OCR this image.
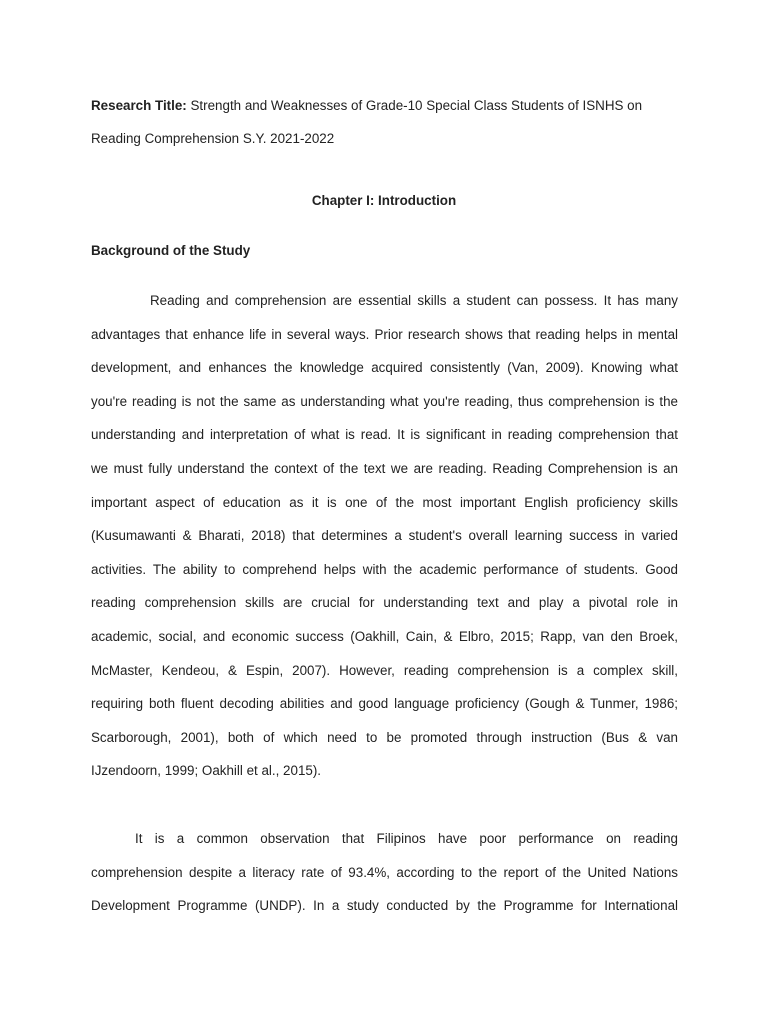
Research Title: Strength and Weaknesses of Grade-10 Special Class Students of ISNHS on
Reading Comprehension S.Y. 2021-2022
Chapter I: Introduction
Background of the Study
Reading and comprehension are essential skills a student can possess. It has many
advantages that enhance life in several ways. Prior research shows that reading helps in mental
development, and enhances the knowledge acquired consistently (Van, 2009). Knowing what
you're reading is not the same as understanding what you're reading, thus comprehension is the
understanding and interpretation of what is read. It is significant in reading comprehension that
we must fully understand the context of the text we are reading. Reading Comprehension is an
important aspect of education as it is one of the most important English proficiency skills
(Kusumawanti & Bharati, 2018) that determines a student's overall learning success in varied
activities. The ability to comprehend helps with the academic performance of students. Good
reading comprehension skills are crucial for understanding text and play a pivotal role in
academic, social, and economic success (Oakhill, Cain, & Elbro, 2015; Rapp, van den Broek,
McMaster, Kendeou, & Espin, 2007). However, reading comprehension is a complex skill,
requiring both fluent decoding abilities and good language proficiency (Gough & Tunmer, 1986;
Scarborough, 2001), both of which need to be promoted through instruction (Bus & van
IJzendoorn, 1999; Oakhill et al., 2015).
It is a common observation that Filipinos have poor performance on reading
comprehension despite a literacy rate of 93.4%, according to the report of the United Nations
Development Programme (UNDP). In a study conducted by the Programme for International
